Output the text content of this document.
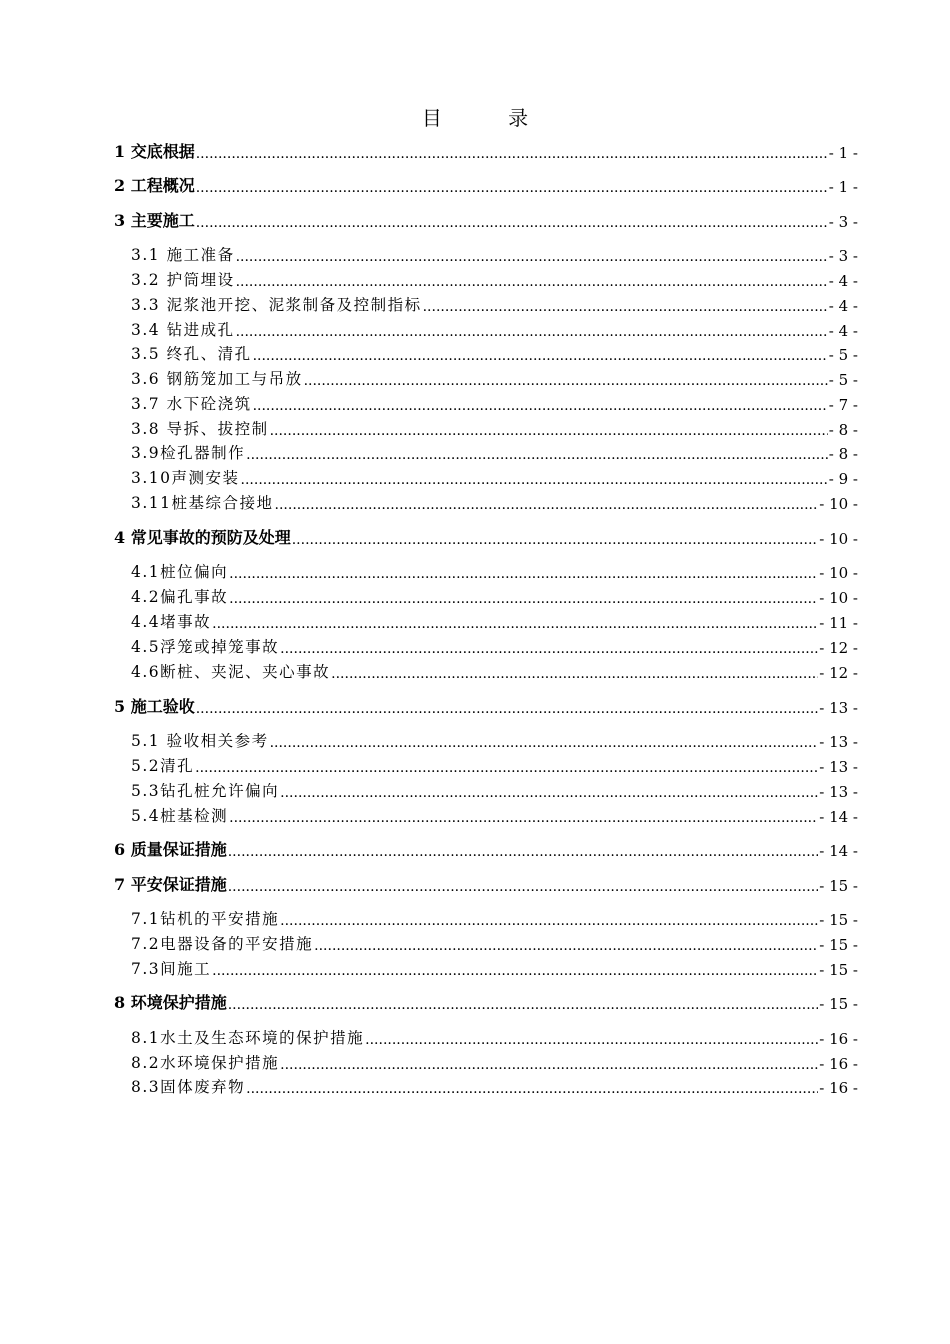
目 录
1 交底根据 .....	- 1 -
2 工程概况 .....	- 1 -
3 主要施工 .....	- 3 -
3.1 施工准备 .....	- 3 -
3.2 护筒埋设 .....	- 4 -
3.3 泥浆池开挖、泥浆制备及控制指标 .....	- 4 -
3.4 钻进成孔 .....	- 4 -
3.5 终孔、清孔 .....	- 5 -
3.6 钢筋笼加工与吊放 .....	- 5 -
3.7 水下砼浇筑 .....	- 7 -
3.8 导拆、拔控制 .....	- 8 -
3.9检孔器制作 .....	- 8 -
3.10声测安装 .....	- 9 -
3.11桩基综合接地 .....	- 10 -
4 常见事故的预防及处理 .....	- 10 -
4.1桩位偏向 .....	- 10 -
4.2偏孔事故 .....	- 10 -
4.4堵事故 .....	- 11 -
4.5浮笼或掉笼事故 .....	- 12 -
4.6断桩、夹泥、夹心事故 .....	- 12 -
5 施工验收 .....	- 13 -
5.1 验收相关参考 .....	- 13 -
5.2清孔 .....	- 13 -
5.3钻孔桩允许偏向 .....	- 13 -
5.4桩基检测 .....	- 14 -
6 质量保证措施 .....	- 14 -
7 平安保证措施 .....	- 15 -
7.1钻机的平安措施 .....	- 15 -
7.2电器设备的平安措施 .....	- 15 -
7.3间施工 .....	- 15 -
8 环境保护措施 .....	- 15 -
8.1水土及生态环境的保护措施 .....	- 16 -
8.2水环境保护措施 .....	- 16 -
8.3固体废弃物 .....	- 16 -
